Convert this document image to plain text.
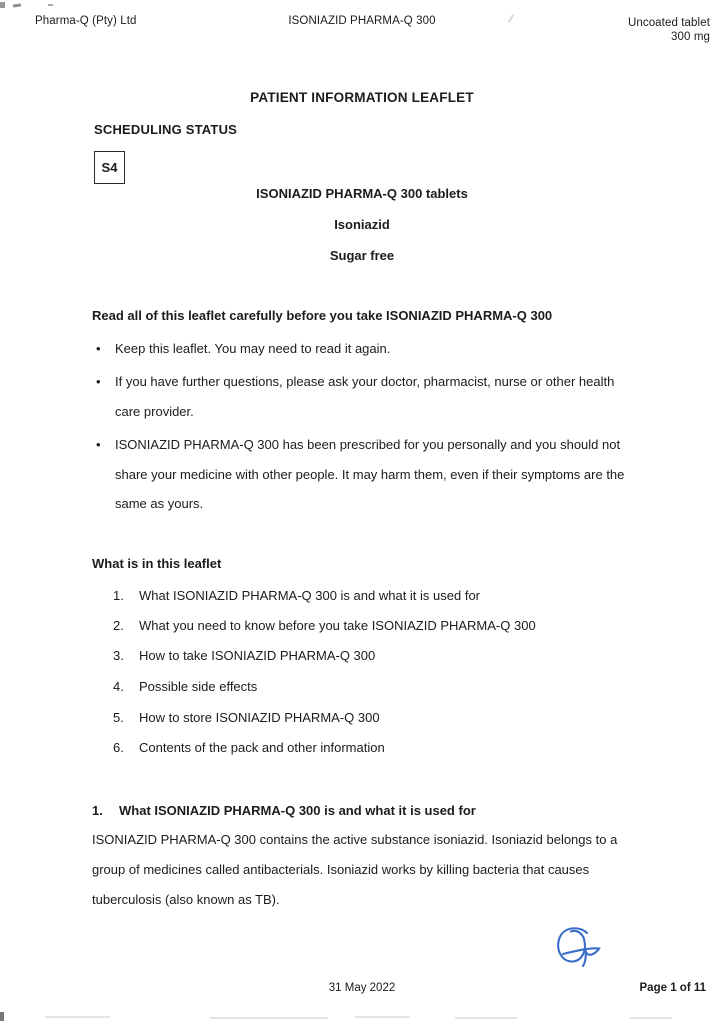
Pharma-Q (Pty) Ltd	ISONIAZID PHARMA-Q 300	Uncoated tablet
300 mg
PATIENT INFORMATION LEAFLET
SCHEDULING STATUS
S4
ISONIAZID PHARMA-Q 300 tablets
Isoniazid
Sugar free
Read all of this leaflet carefully before you take ISONIAZID PHARMA-Q 300
•	Keep this leaflet. You may need to read it again.
•	If you have further questions, please ask your doctor, pharmacist, nurse or other health care provider.
•	ISONIAZID PHARMA-Q 300 has been prescribed for you personally and you should not share your medicine with other people. It may harm them, even if their symptoms are the same as yours.
What is in this leaflet
1.	What ISONIAZID PHARMA-Q 300 is and what it is used for
2.	What you need to know before you take ISONIAZID PHARMA-Q 300
3.	How to take ISONIAZID PHARMA-Q 300
4.	Possible side effects
5.	How to store ISONIAZID PHARMA-Q 300
6.	Contents of the pack and other information
1.	What ISONIAZID PHARMA-Q 300 is and what it is used for
ISONIAZID PHARMA-Q 300 contains the active substance isoniazid. Isoniazid belongs to a group of medicines called antibacterials. Isoniazid works by killing bacteria that causes tuberculosis (also known as TB).
31 May 2022	Page 1 of 11
